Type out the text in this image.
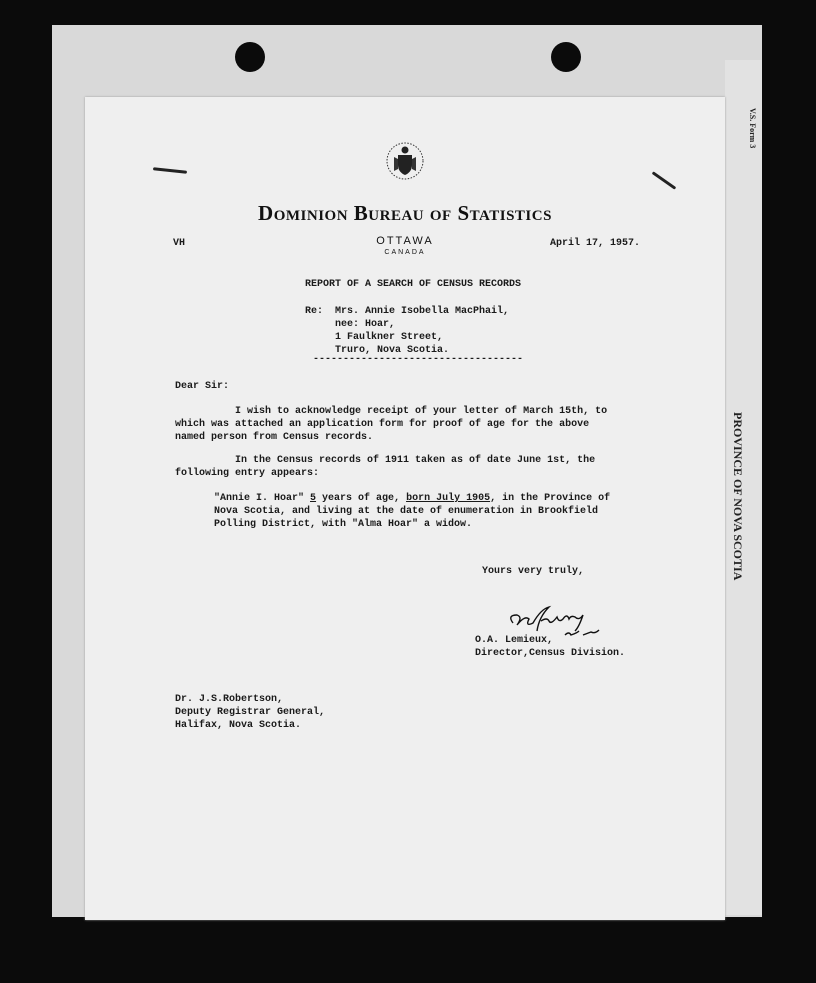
V.S. Form 3
PROVINCE OF NOVA SCOTIA
Dominion Bureau of Statistics
OTTAWA
CANADA
VH	April 17, 1957.
REPORT OF A SEARCH OF CENSUS RECORDS
Re: Mrs. Annie Isobella MacPhail,
nee: Hoar,
1 Faulkner Street,
Truro, Nova Scotia.
-----------------------------------
Dear Sir:
I wish to acknowledge receipt of your letter of March 15th, to
which was attached an application form for proof of age for the above
named person from Census records.
In the Census records of 1911 taken as of date June 1st, the
following entry appears:
"Annie I. Hoar" 5 years of age, born July 1905, in the Province of
Nova Scotia, and living at the date of enumeration in Brookfield
Polling District, with "Alma Hoar" a widow.
Yours very truly,
O.A. Lemieux,
Director,Census Division.
Dr. J.S.Robertson,
Deputy Registrar General,
Halifax, Nova Scotia.
